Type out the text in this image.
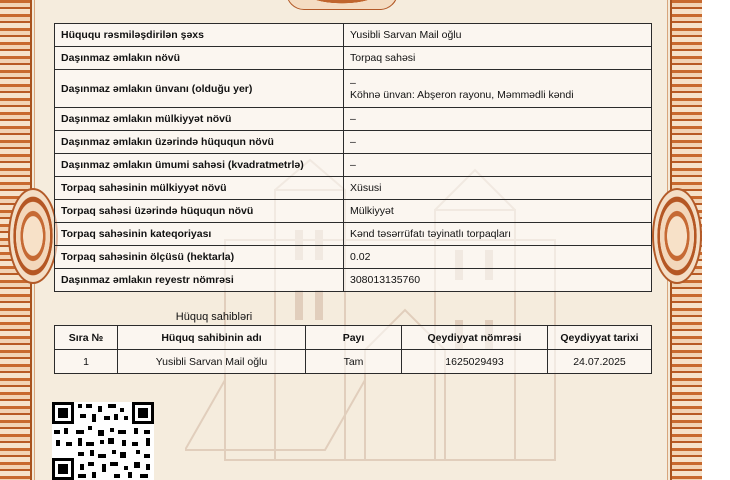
Hüququ rəsmiləşdirilən şəxs	Yusibli Sarvan Mail oğlu
Daşınmaz əmlakın növü	Torpaq sahəsi
Daşınmaz əmlakın ünvanı (olduğu yer)	–
Köhnə ünvan: Abşeron rayonu, Məmmədli kəndi

Daşınmaz əmlakın mülkiyyət növü	–
Daşınmaz əmlakın üzərində hüququn növü	–
Daşınmaz əmlakın ümumi sahəsi (kvadratmetrlə)	–
Torpaq sahəsinin mülkiyyət növü	Xüsusi
Torpaq sahəsi üzərində hüququn növü	Mülkiyyət
Torpaq sahəsinin kateqoriyası	Kənd təsərrüfatı təyinatlı torpaqları
Torpaq sahəsinin ölçüsü (hektarla)	0.02
Daşınmaz əmlakın reyestr nömrəsi	308013135760
Hüquq sahibləri
Sıra №	Hüquq sahibinin adı	Payı	Qeydiyyat nömrəsi	Qeydiyyat tarixi
1	Yusibli Sarvan Mail oğlu	Tam	1625029493	24.07.2025
